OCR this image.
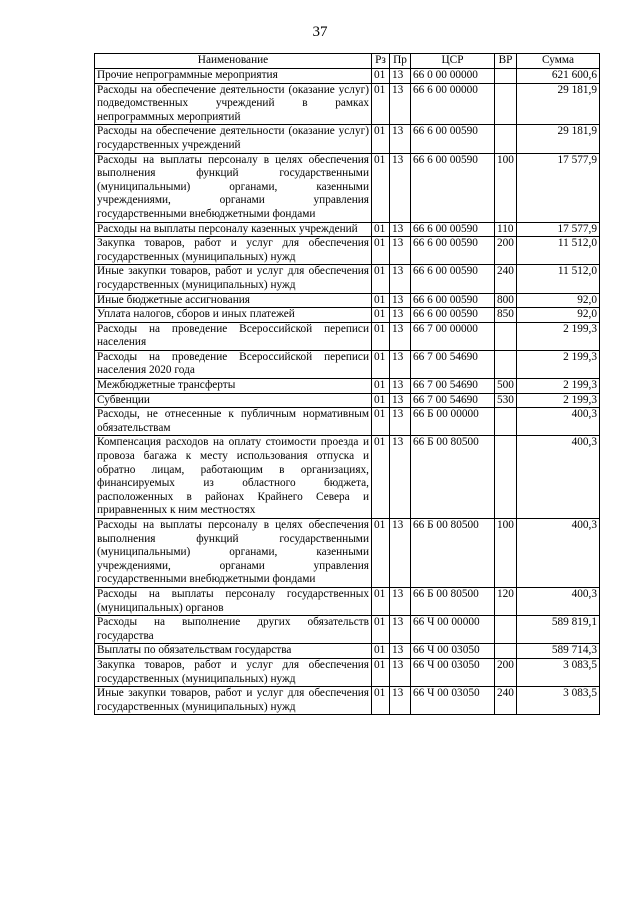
37
Наименование	Рз	Пр	ЦСР	ВР	Сумма
Прочие непрограммные мероприятия	01	13	66 0 00 00000		621 600,6
Расходы на обеспечение деятельности (оказание услуг) подведомственных учреждений в рамках непрограммных мероприятий	01	13	66 6 00 00000		29 181,9
Расходы на обеспечение деятельности (оказание услуг) государственных учреждений	01	13	66 6 00 00590		29 181,9
Расходы на выплаты персоналу в целях обеспечения выполнения функций государственными (муниципальными) органами, казенными учреждениями, органами управления государственными внебюджетными фондами	01	13	66 6 00 00590	100	17 577,9
Расходы на выплаты персоналу казенных учреждений	01	13	66 6 00 00590	110	17 577,9
Закупка товаров, работ и услуг для обеспечения государственных (муниципальных) нужд	01	13	66 6 00 00590	200	11 512,0
Иные закупки товаров, работ и услуг для обеспечения государственных (муниципальных) нужд	01	13	66 6 00 00590	240	11 512,0
Иные бюджетные ассигнования	01	13	66 6 00 00590	800	92,0
Уплата налогов, сборов и иных платежей	01	13	66 6 00 00590	850	92,0
Расходы на проведение Всероссийской переписи населения	01	13	66 7 00 00000		2 199,3
Расходы на проведение Всероссийской переписи населения 2020 года	01	13	66 7 00 54690		2 199,3
Межбюджетные трансферты	01	13	66 7 00 54690	500	2 199,3
Субвенции	01	13	66 7 00 54690	530	2 199,3
Расходы, не отнесенные к публичным нормативным обязательствам	01	13	66 Б 00 00000		400,3
Компенсация расходов на оплату стоимости проезда и провоза багажа к месту использования отпуска и обратно лицам, работающим в организациях, финансируемых из областного бюджета, расположенных в районах Крайнего Севера и приравненных к ним местностях	01	13	66 Б 00 80500		400,3
Расходы на выплаты персоналу в целях обеспечения выполнения функций государственными (муниципальными) органами, казенными учреждениями, органами управления государственными внебюджетными фондами	01	13	66 Б 00 80500	100	400,3
Расходы на выплаты персоналу государственных (муниципальных) органов	01	13	66 Б 00 80500	120	400,3
Расходы на выполнение других обязательств государства	01	13	66 Ч 00 00000		589 819,1
Выплаты по обязательствам государства	01	13	66 Ч 00 03050		589 714,3
Закупка товаров, работ и услуг для обеспечения государственных (муниципальных) нужд	01	13	66 Ч 00 03050	200	3 083,5
Иные закупки товаров, работ и услуг для обеспечения государственных (муниципальных) нужд	01	13	66 Ч 00 03050	240	3 083,5
